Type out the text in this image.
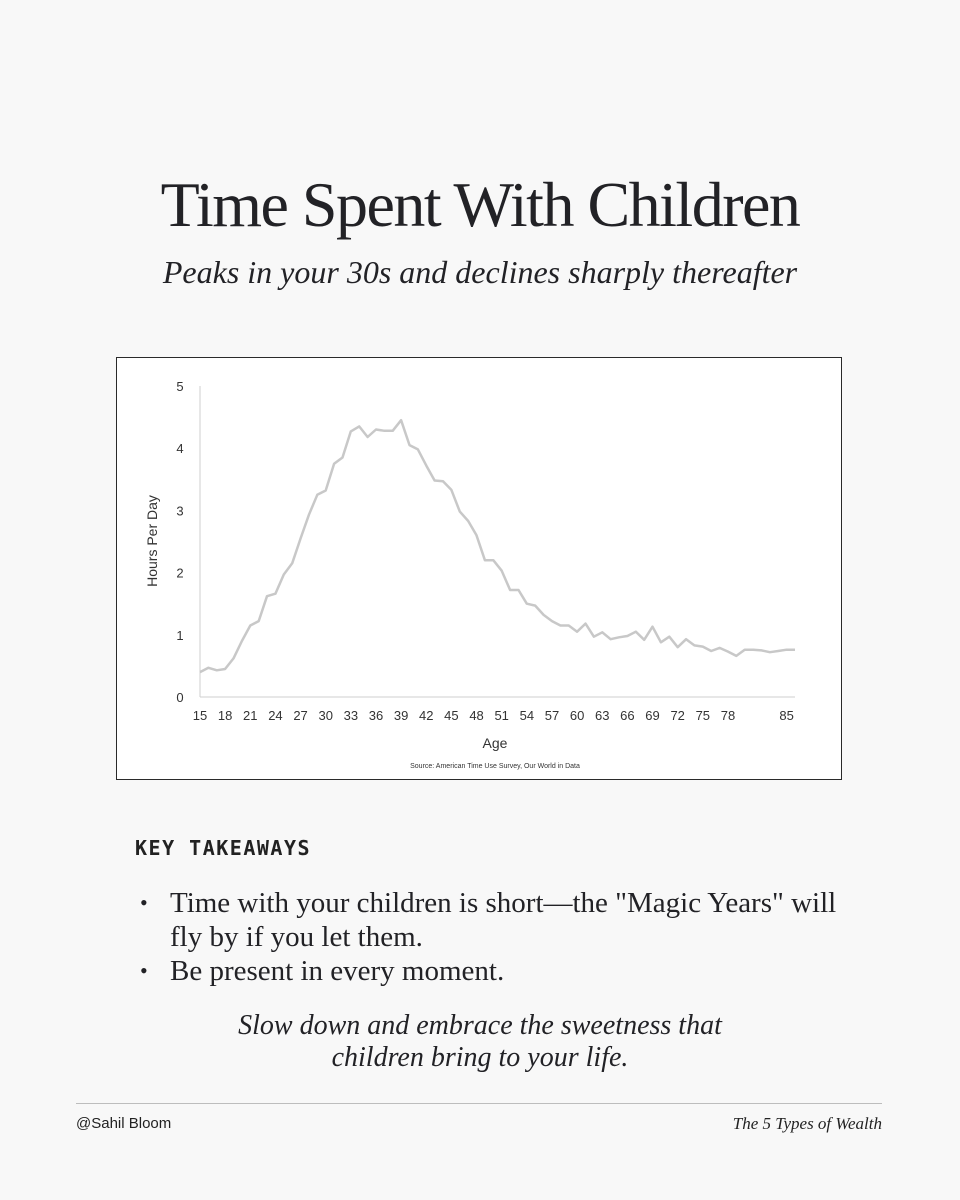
Time Spent With Children

Peaks in your 30s and declines sharply thereafter

0
1
2
3
4
5
15 18 21 24 27 30 33 36 39 42 45 48 51 54 57 60 63 66 69 72 75 78	85
Hours Per Day
Age
Source: American Time Use Survey, Our World in Data
KEY TAKEAWAYS
• Time with your children is short—the "Magic Years" will fly by if you let them.
• Be present in every moment.

Slow down and embrace the sweetness that
children bring to your life.

@Sahil Bloom	The 5 Types of Wealth
